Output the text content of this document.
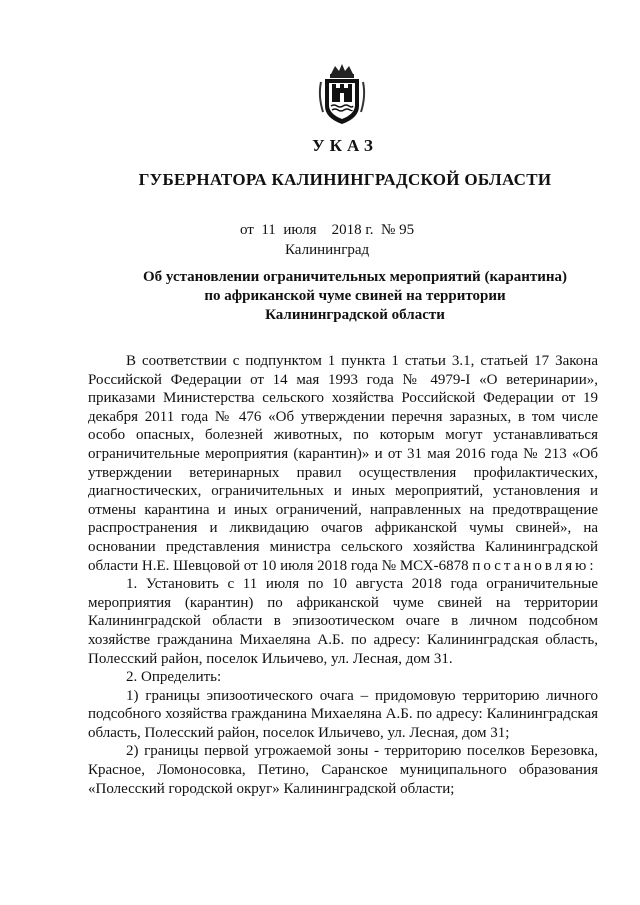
УКАЗ
ГУБЕРНАТОРА КАЛИНИНГРАДСКОЙ ОБЛАСТИ
от 11 июля 2018 г. № 95
Калининград
Об установлении ограничительных мероприятий (карантина)
по африканской чуме свиней на территории
Калининградской области

В соответствии с подпунктом 1 пункта 1 статьи 3.1, статьей 17 Закона Российской Федерации от 14 мая 1993 года № 4979-I «О ветеринарии», приказами Министерства сельского хозяйства Российской Федерации от 19 декабря 2011 года № 476 «Об утверждении перечня заразных, в том числе особо опасных, болезней животных, по которым могут устанавливаться ограничительные мероприятия (карантин)» и от 31 мая 2016 года № 213 «Об утверждении ветеринарных правил осуществления профилактических, диагностических, ограничительных и иных мероприятий, установления и отмены карантина и иных ограничений, направленных на предотвращение распространения и ликвидацию очагов африканской чумы свиней», на основании представления министра сельского хозяйства Калининградской области Н.Е. Шевцовой от 10 июля 2018 года № МСХ-6878 постановляю:

1. Установить с 11 июля по 10 августа 2018 года ограничительные мероприятия (карантин) по африканской чуме свиней на территории Калининградской области в эпизоотическом очаге в личном подсобном хозяйстве гражданина Михаеляна А.Б. по адресу: Калининградская область, Полесский район, поселок Ильичево, ул. Лесная, дом 31.

2. Определить:

1) границы эпизоотического очага – придомовую территорию личного подсобного хозяйства гражданина Михаеляна А.Б. по адресу: Калининградская область, Полесский район, поселок Ильичево, ул. Лесная, дом 31;

2) границы первой угрожаемой зоны - территорию поселков Березовка, Красное, Ломоносовка, Петино, Саранское муниципального образования «Полесский городской округ» Калининградской области;
